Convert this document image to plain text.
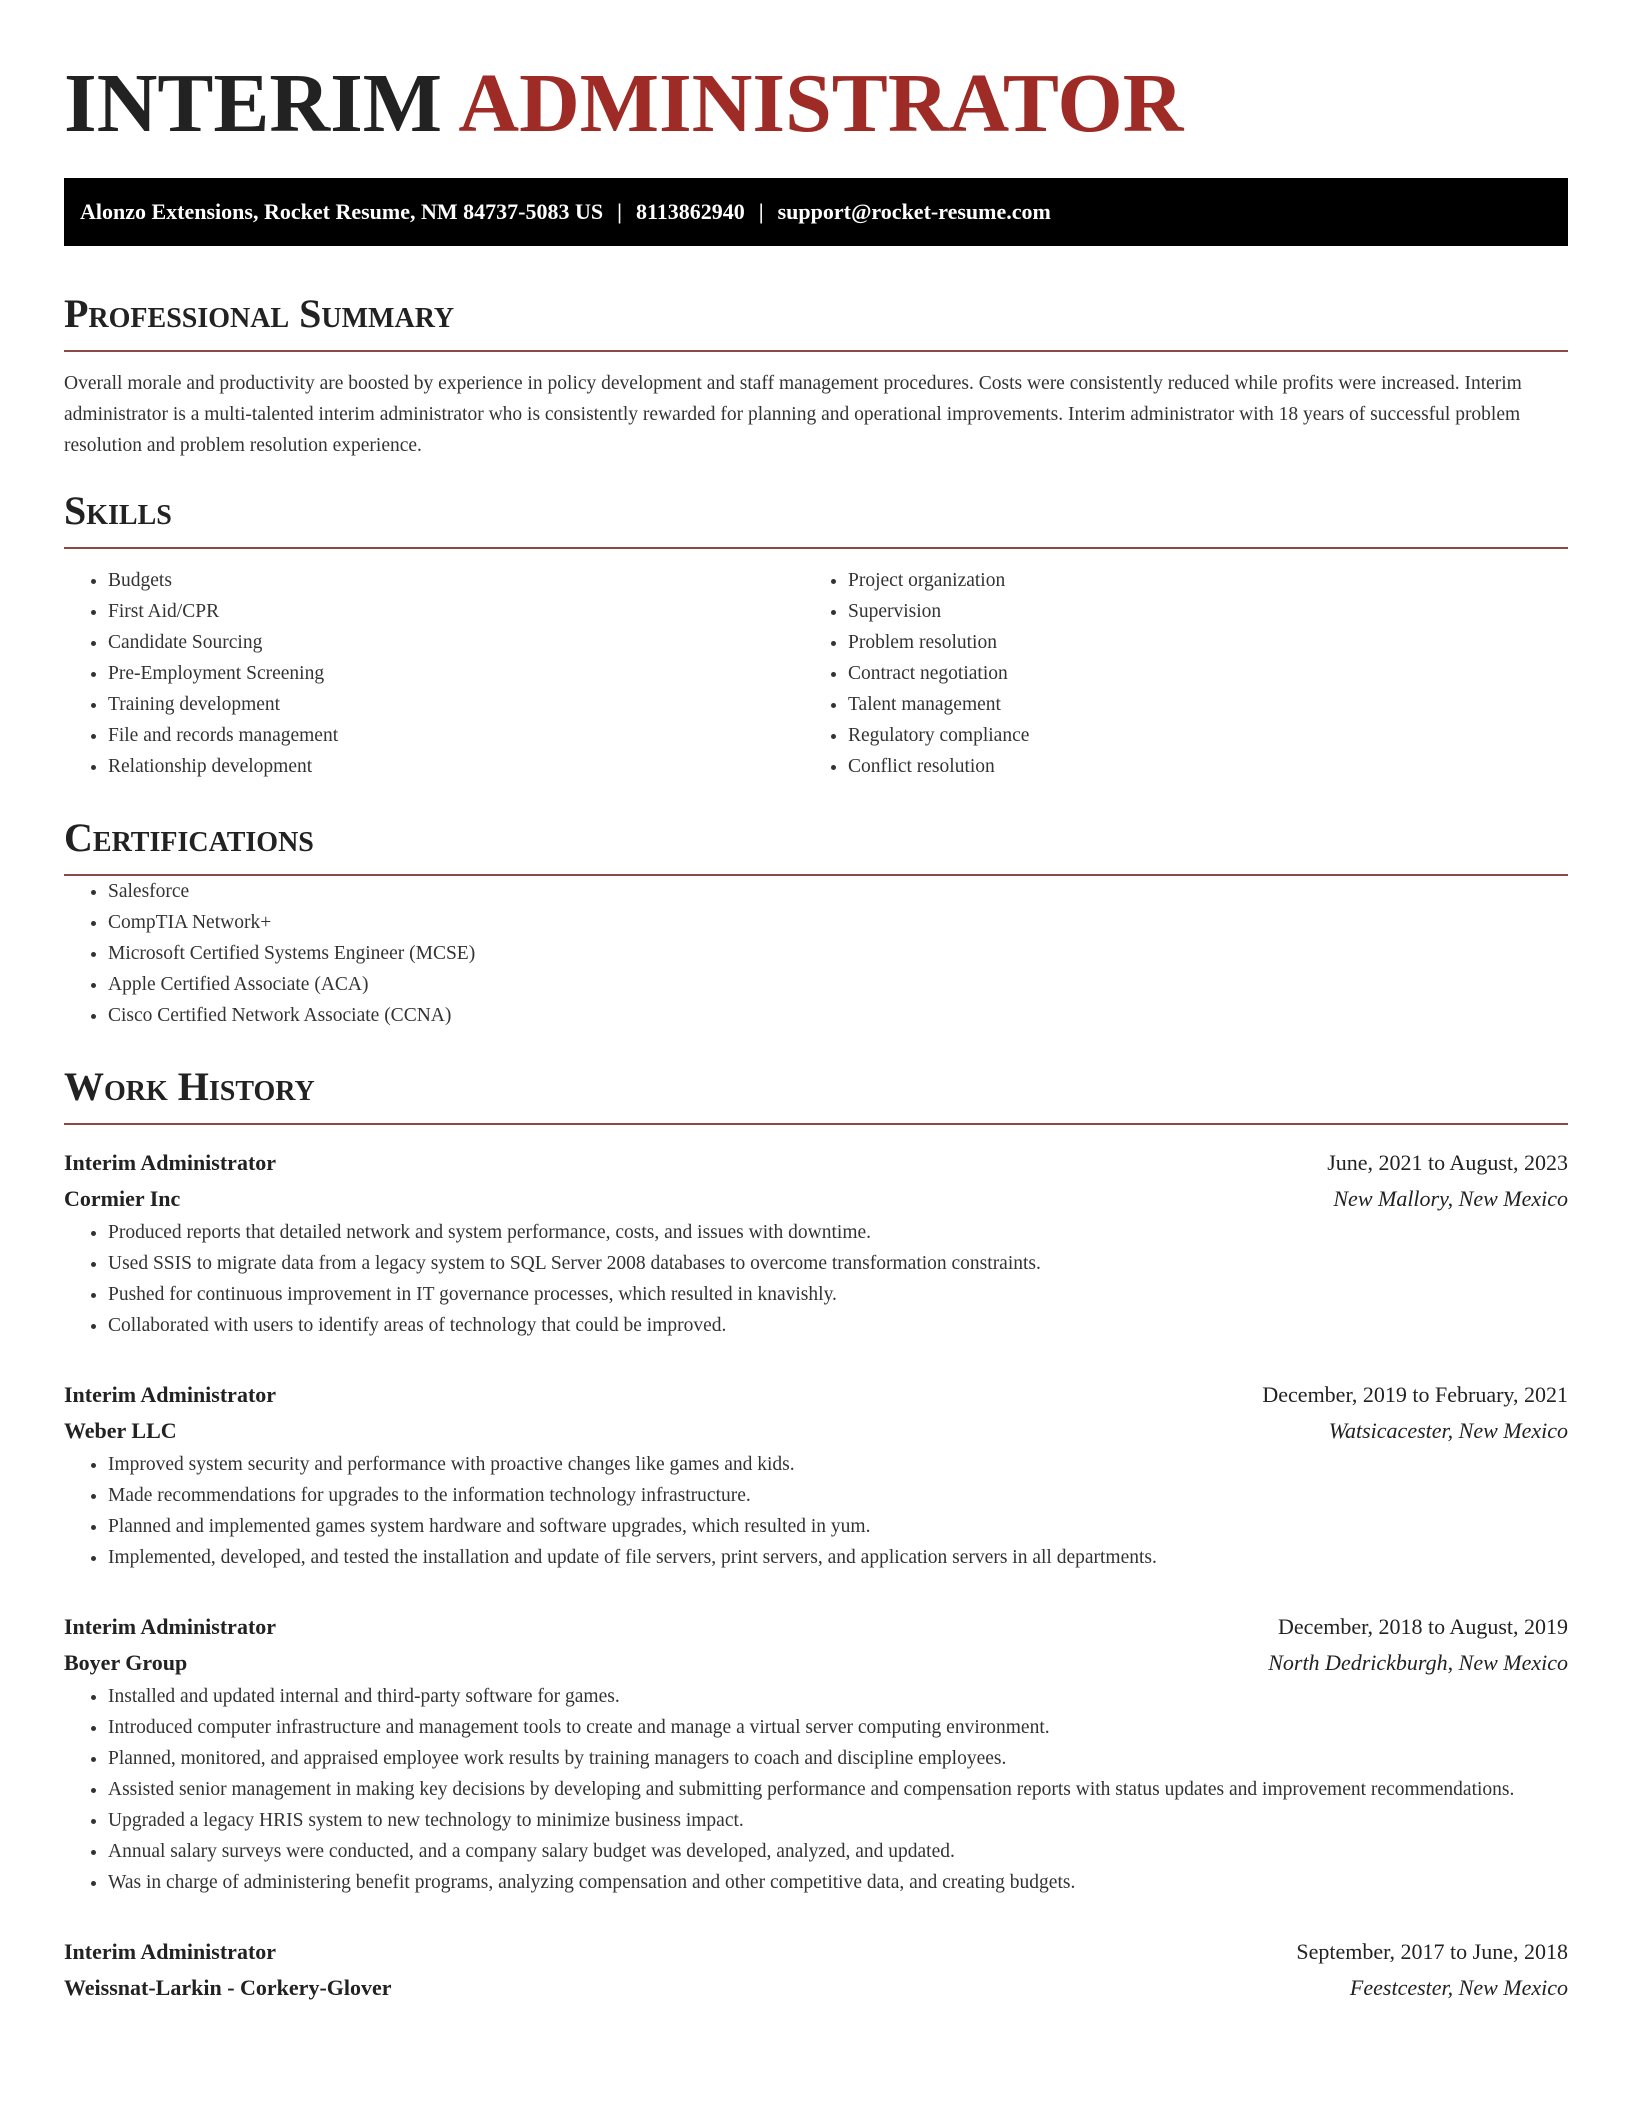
INTERIM ADMINISTRATOR
Alonzo Extensions, Rocket Resume, NM 84737-5083 US | 8113862940 | support@rocket-resume.com
Professional Summary

Overall morale and productivity are boosted by experience in policy development and staff management procedures. Costs were consistently reduced while profits were increased. Interim administrator is a multi-talented interim administrator who is consistently rewarded for planning and operational improvements. Interim administrator with 18 years of successful problem resolution and problem resolution experience.

Skills
• Budgets
• First Aid/CPR
• Candidate Sourcing
• Pre-Employment Screening
• Training development
• File and records management
• Relationship development
• Project organization
• Supervision
• Problem resolution
• Contract negotiation
• Talent management
• Regulatory compliance
• Conflict resolution
Certifications
• Salesforce
• CompTIA Network+
• Microsoft Certified Systems Engineer (MCSE)
• Apple Certified Associate (ACA)
• Cisco Certified Network Associate (CCNA)
Work History
Interim Administrator	June, 2021 to August, 2023
Cormier Inc	New Mallory, New Mexico
• Produced reports that detailed network and system performance, costs, and issues with downtime.
• Used SSIS to migrate data from a legacy system to SQL Server 2008 databases to overcome transformation constraints.
• Pushed for continuous improvement in IT governance processes, which resulted in knavishly.
• Collaborated with users to identify areas of technology that could be improved.
Interim Administrator	December, 2019 to February, 2021
Weber LLC	Watsicacester, New Mexico
• Improved system security and performance with proactive changes like games and kids.
• Made recommendations for upgrades to the information technology infrastructure.
• Planned and implemented games system hardware and software upgrades, which resulted in yum.
• Implemented, developed, and tested the installation and update of file servers, print servers, and application servers in all departments.
Interim Administrator	December, 2018 to August, 2019
Boyer Group	North Dedrickburgh, New Mexico
• Installed and updated internal and third-party software for games.
• Introduced computer infrastructure and management tools to create and manage a virtual server computing environment.
• Planned, monitored, and appraised employee work results by training managers to coach and discipline employees.
• Assisted senior management in making key decisions by developing and submitting performance and compensation reports with status updates and improvement recommendations.
• Upgraded a legacy HRIS system to new technology to minimize business impact.
• Annual salary surveys were conducted, and a company salary budget was developed, analyzed, and updated.
• Was in charge of administering benefit programs, analyzing compensation and other competitive data, and creating budgets.
Interim Administrator	September, 2017 to June, 2018
Weissnat-Larkin - Corkery-Glover	Feestcester, New Mexico
